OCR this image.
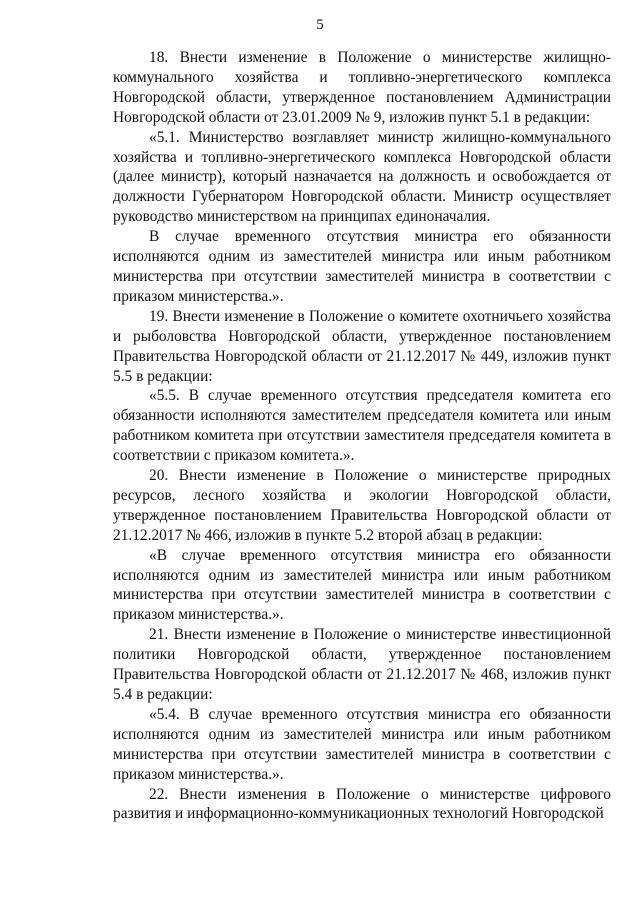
5

18. Внести изменение в Положение о министерстве жилищно-коммунального хозяйства и топливно-энергетического комплекса Новгородской области, утвержденное постановлением Администрации Новгородской области от 23.01.2009 № 9, изложив пункт 5.1 в редакции:

«5.1. Министерство возглавляет министр жилищно-коммунального хозяйства и топливно-энергетического комплекса Новгородской области (далее министр), который назначается на должность и освобождается от должности Губернатором Новгородской области. Министр осуществляет руководство министерством на принципах единоначалия.

В случае временного отсутствия министра его обязанности исполняются одним из заместителей министра или иным работником министерства при отсутствии заместителей министра в соответствии с приказом министерства.».

19. Внести изменение в Положение о комитете охотничьего хозяйства и рыболовства Новгородской области, утвержденное постановлением Правительства Новгородской области от 21.12.2017 № 449, изложив пункт 5.5 в редакции:

«5.5. В случае временного отсутствия председателя комитета его обязанности исполняются заместителем председателя комитета или иным работником комитета при отсутствии заместителя председателя комитета в соответствии с приказом комитета.».

20. Внести изменение в Положение о министерстве природных ресурсов, лесного хозяйства и экологии Новгородской области, утвержденное постановлением Правительства Новгородской области от 21.12.2017 № 466, изложив в пункте 5.2 второй абзац в редакции:

«В случае временного отсутствия министра его обязанности исполняются одним из заместителей министра или иным работником министерства при отсутствии заместителей министра в соответствии с приказом министерства.».

21. Внести изменение в Положение о министерстве инвестиционной политики Новгородской области, утвержденное постановлением Правительства Новгородской области от 21.12.2017 № 468, изложив пункт 5.4 в редакции:

«5.4. В случае временного отсутствия министра его обязанности исполняются одним из заместителей министра или иным работником министерства при отсутствии заместителей министра в соответствии с приказом министерства.».

22. Внести изменения в Положение о министерстве цифрового развития и информационно-коммуникационных технологий Новгородской
